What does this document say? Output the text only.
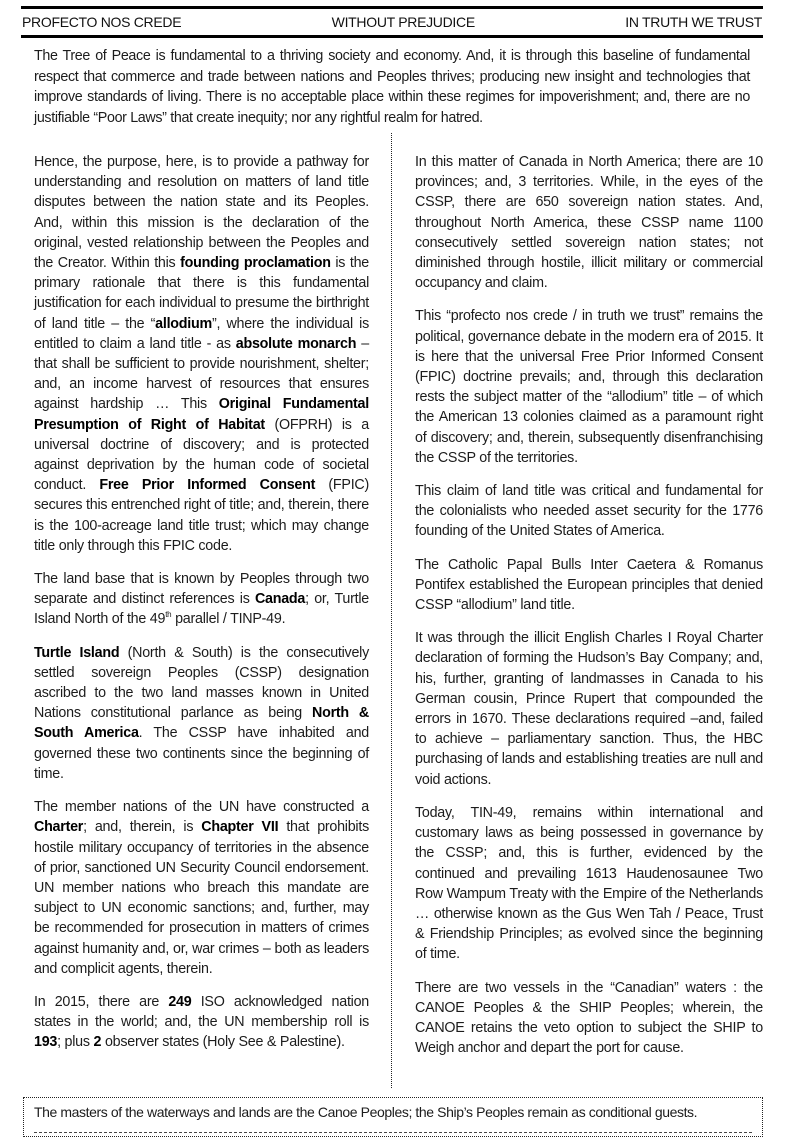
PROFECTO NOS CREDE	WITHOUT PREJUDICE	IN TRUTH WE TRUST
The Tree of Peace is fundamental to a thriving society and economy. And, it is through this baseline of fundamental respect that commerce and trade between nations and Peoples thrives; producing new insight and technologies that improve standards of living. There is no acceptable place within these regimes for impoverishment; and, there are no justifiable “Poor Laws” that create inequity; nor any rightful realm for hatred.

Hence, the purpose, here, is to provide a pathway for understanding and resolution on matters of land title disputes between the nation state and its Peoples. And, within this mission is the declaration of the original, vested relationship between the Peoples and the Creator. Within this founding proclamation is the primary rationale that there is this fundamental justification for each individual to presume the birthright of land title – the “allodium”, where the individual is entitled to claim a land title - as absolute monarch – that shall be sufficient to provide nourishment, shelter; and, an income harvest of resources that ensures against hardship … This Original Fundamental Presumption of Right of Habitat (OFPRH) is a universal doctrine of discovery; and is protected against deprivation by the human code of societal conduct. Free Prior Informed Consent (FPIC) secures this entrenched right of title; and, therein, there is the 100-acreage land title trust; which may change title only through this FPIC code.

The land base that is known by Peoples through two separate and distinct references is Canada; or, Turtle Island North of the 49th parallel / TINP-49.

Turtle Island (North & South) is the consecutively settled sovereign Peoples (CSSP) designation ascribed to the two land masses known in United Nations constitutional parlance as being North & South America. The CSSP have inhabited and governed these two continents since the beginning of time.

The member nations of the UN have constructed a Charter; and, therein, is Chapter VII that prohibits hostile military occupancy of territories in the absence of prior, sanctioned UN Security Council endorsement. UN member nations who breach this mandate are subject to UN economic sanctions; and, further, may be recommended for prosecution in matters of crimes against humanity and, or, war crimes – both as leaders and complicit agents, therein.

In 2015, there are 249 ISO acknowledged nation states in the world; and, the UN membership roll is 193; plus 2 observer states (Holy See & Palestine).

In this matter of Canada in North America; there are 10 provinces; and, 3 territories. While, in the eyes of the CSSP, there are 650 sovereign nation states. And, throughout North America, these CSSP name 1100 consecutively settled sovereign nation states; not diminished through hostile, illicit military or commercial occupancy and claim.

This “profecto nos crede / in truth we trust” remains the political, governance debate in the modern era of 2015. It is here that the universal Free Prior Informed Consent (FPIC) doctrine prevails; and, through this declaration rests the subject matter of the “allodium” title – of which the American 13 colonies claimed as a paramount right of discovery; and, therein, subsequently disenfranchising the CSSP of the territories.

This claim of land title was critical and fundamental for the colonialists who needed asset security for the 1776 founding of the United States of America.

The Catholic Papal Bulls Inter Caetera & Romanus Pontifex established the European principles that denied CSSP “allodium” land title.

It was through the illicit English Charles I Royal Charter declaration of forming the Hudson’s Bay Company; and, his, further, granting of landmasses in Canada to his German cousin, Prince Rupert that compounded the errors in 1670. These declarations required –and, failed to achieve – parliamentary sanction. Thus, the HBC purchasing of lands and establishing treaties are null and void actions.

Today, TIN-49, remains within international and customary laws as being possessed in governance by the CSSP; and, this is further, evidenced by the continued and prevailing 1613 Haudenosaunee Two Row Wampum Treaty with the Empire of the Netherlands … otherwise known as the Gus Wen Tah / Peace, Trust & Friendship Principles; as evolved since the beginning of time.

There are two vessels in the “Canadian” waters : the CANOE Peoples & the SHIP Peoples; wherein, the CANOE retains the veto option to subject the SHIP to Weigh anchor and depart the port for cause.

The masters of the waterways and lands are the Canoe Peoples; the Ship’s Peoples remain as conditional guests.
